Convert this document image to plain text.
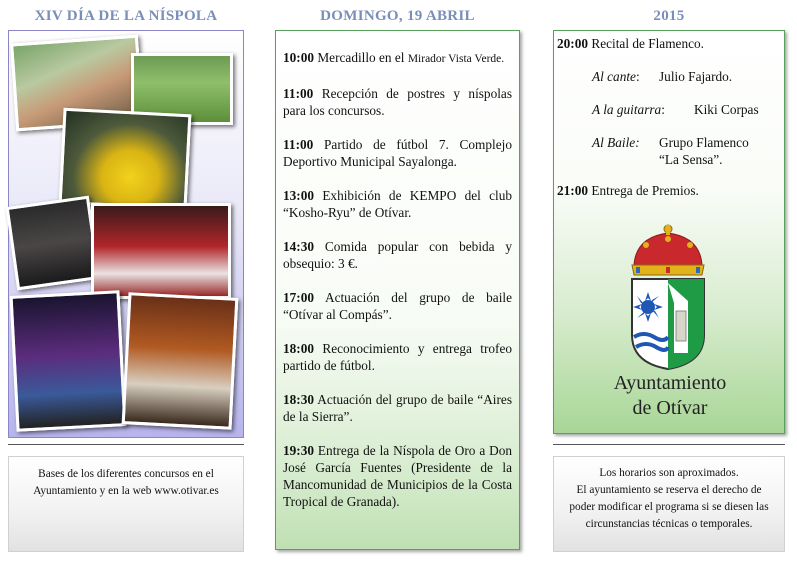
XIV DÍA DE LA NÍSPOLA	DOMINGO, 19 ABRIL	2015
Bases de los diferentes concursos en el
Ayuntamiento y en la web www.otivar.es
10:00 Mercadillo en el Mirador Vista Verde.
11:00 Recepción de postres y níspolas para los concursos.
11:00 Partido de fútbol 7. Complejo Deportivo Municipal Sayalonga.
13:00 Exhibición de KEMPO del club “Kosho-Ryu” de Otívar.
14:30 Comida popular con bebida y obsequio: 3 €.
17:00 Actuación del grupo de baile “Otívar al Compás”.
18:00 Reconocimiento y entrega trofeo partido de fútbol.
18:30 Actuación del grupo de baile “Aires de la Sierra”.
19:30 Entrega de la Níspola de Oro a Don José García Fuentes (Presidente de la Mancomunidad de Municipios de la Costa Tropical de Granada).
20:00 Recital de Flamenco.
Al cante: Julio Fajardo.
A la guitarra: Kiki Corpas
Al Baile: Grupo Flamenco
“La Sensa”.
21:00 Entrega de Premios.
Ayuntamiento
de Otívar
Los horarios son aproximados.
El ayuntamiento se reserva el derecho de
poder modificar el programa si se diesen las
circunstancias técnicas o temporales.
